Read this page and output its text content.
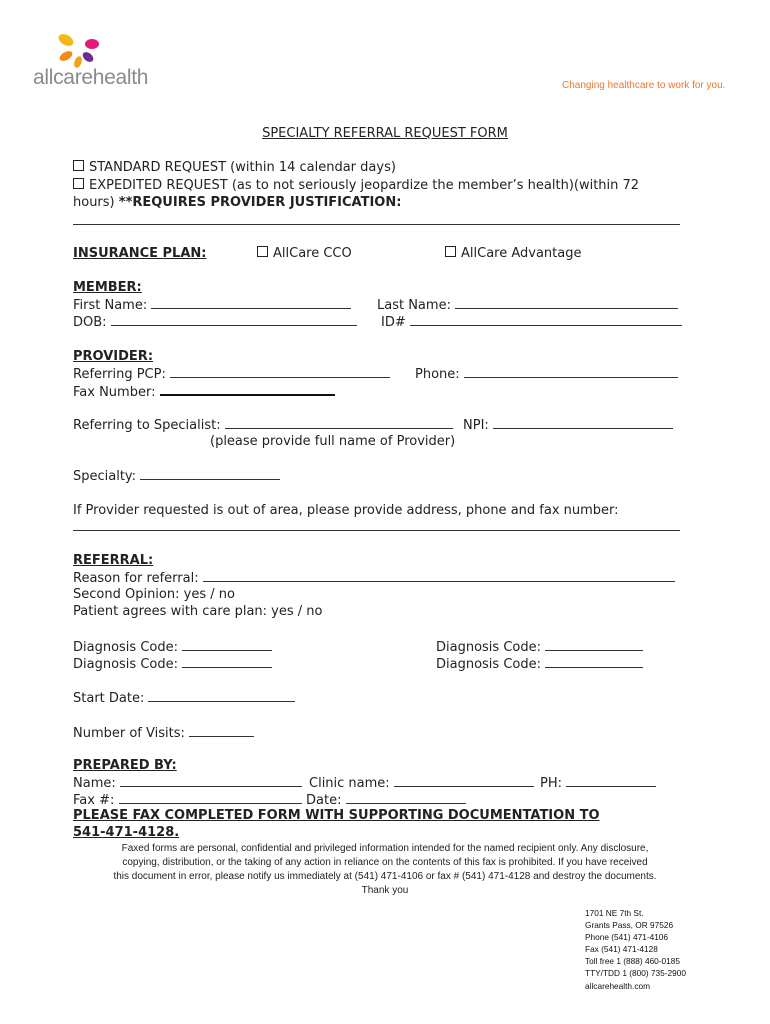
allcarehealth	Changing healthcare to work for you.
SPECIALTY REFERRAL REQUEST FORM
STANDARD REQUEST (within 14 calendar days)
EXPEDITED REQUEST (as to not seriously jeopardize the member’s health)(within 72
hours) **REQUIRES PROVIDER JUSTIFICATION:
INSURANCE PLAN:	AllCare CCO	AllCare Advantage
MEMBER:
First Name:	Last Name:
DOB:	ID#
PROVIDER:
Referring PCP:	Phone:
Fax Number:
Referring to Specialist:	NPI:
(please provide full name of Provider)
Specialty:
If Provider requested is out of area, please provide address, phone and fax number:
REFERRAL:
Reason for referral:
Second Opinion: yes / no
Patient agrees with care plan: yes / no
Diagnosis Code:
Diagnosis Code:
Diagnosis Code:
Diagnosis Code:
Start Date:
Number of Visits:
PREPARED BY:
Name:	Clinic name:	PH:
Fax #:	Date:
PLEASE FAX COMPLETED FORM WITH SUPPORTING DOCUMENTATION TO
541-471-4128.
Faxed forms are personal, confidential and privileged information intended for the named recipient only. Any disclosure,
copying, distribution, or the taking of any action in reliance on the contents of this fax is prohibited. If you have received
this document in error, please notify us immediately at (541) 471-4106 or fax # (541) 471-4128 and destroy the documents.
Thank you
1701 NE 7th St.
Grants Pass, OR 97526
Phone (541) 471-4106
Fax (541) 471-4128
Toll free 1 (888) 460-0185
TTY/TDD 1 (800) 735-2900
allcarehealth.com
